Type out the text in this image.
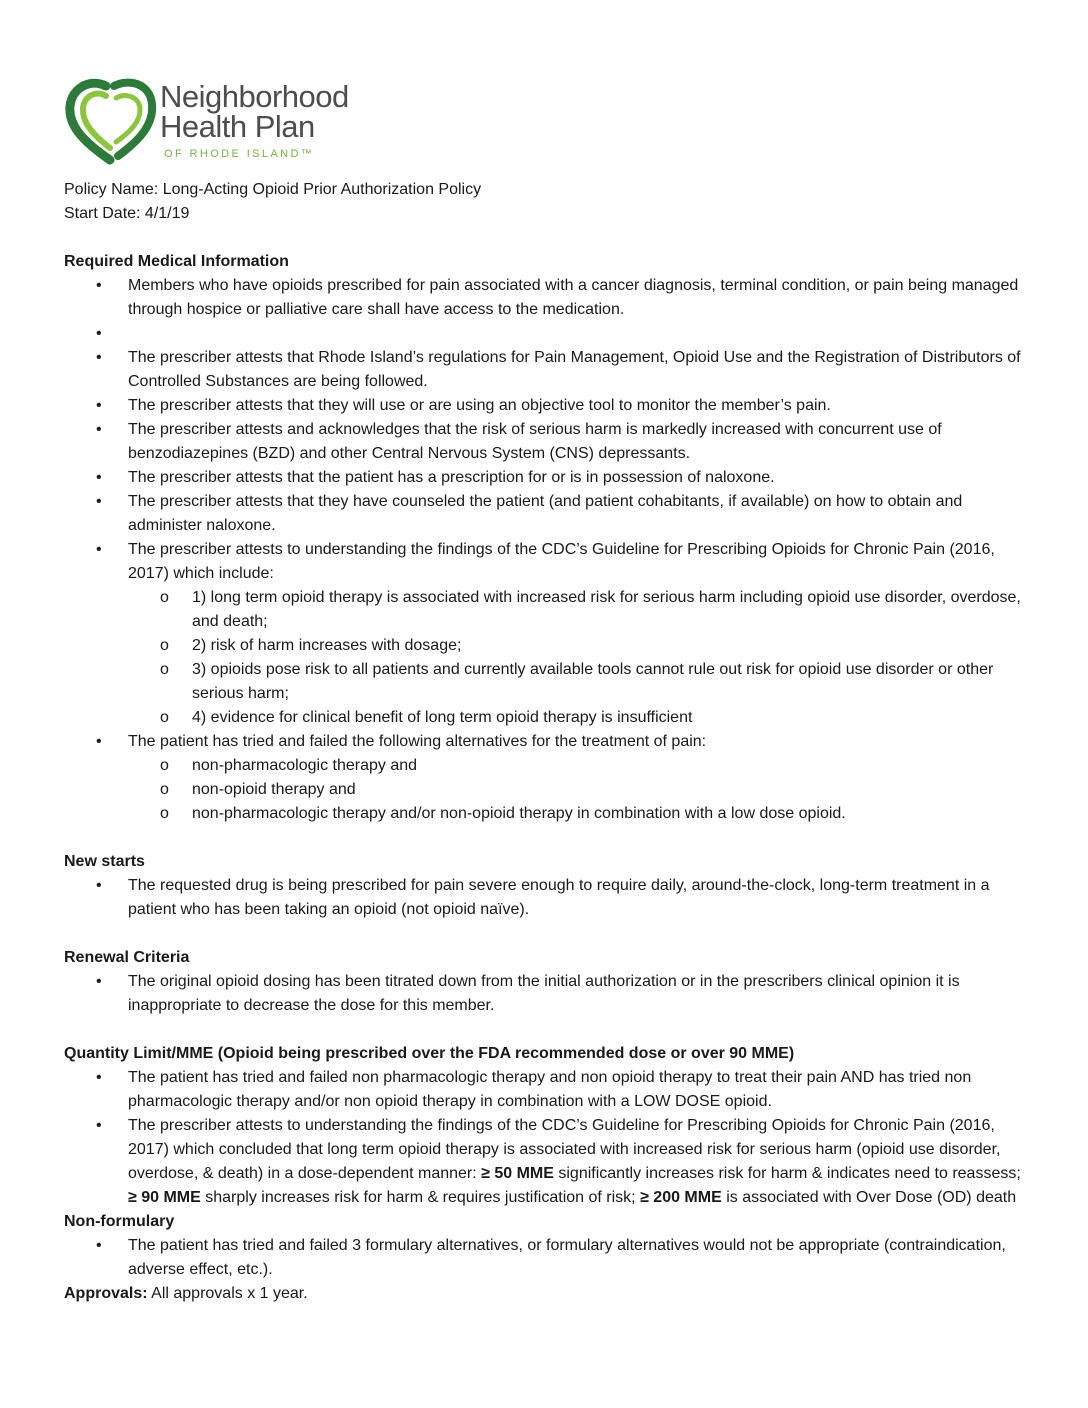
Neighborhood
Health Plan
OF RHODE ISLAND™

Policy Name: Long-Acting Opioid Prior Authorization Policy

Start Date: 4/1/19

Required Medical Information

• Members who have opioids prescribed for pain associated with a cancer diagnosis, terminal condition, or pain being managed through hospice or palliative care shall have access to the medication.
•
• The prescriber attests that Rhode Island’s regulations for Pain Management, Opioid Use and the Registration of Distributors of Controlled Substances are being followed.
• The prescriber attests that they will use or are using an objective tool to monitor the member’s pain.
• The prescriber attests and acknowledges that the risk of serious harm is markedly increased with concurrent use of benzodiazepines (BZD) and other Central Nervous System (CNS) depressants.
• The prescriber attests that the patient has a prescription for or is in possession of naloxone.
• The prescriber attests that they have counseled the patient (and patient cohabitants, if available) on how to obtain and administer naloxone.
• The prescriber attests to understanding the findings of the CDC’s Guideline for Prescribing Opioids for Chronic Pain (2016, 2017) which include:
o 1) long term opioid therapy is associated with increased risk for serious harm including opioid use disorder, overdose, and death;
o 2) risk of harm increases with dosage;
o 3) opioids pose risk to all patients and currently available tools cannot rule out risk for opioid use disorder or other serious harm;
o 4) evidence for clinical benefit of long term opioid therapy is insufficient
• The patient has tried and failed the following alternatives for the treatment of pain:
o non-pharmacologic therapy and
o non-opioid therapy and
o non-pharmacologic therapy and/or non-opioid therapy in combination with a low dose opioid.

New starts

• The requested drug is being prescribed for pain severe enough to require daily, around-the-clock, long-term treatment in a patient who has been taking an opioid (not opioid naïve).

Renewal Criteria

• The original opioid dosing has been titrated down from the initial authorization or in the prescribers clinical opinion it is inappropriate to decrease the dose for this member.

Quantity Limit/MME (Opioid being prescribed over the FDA recommended dose or over 90 MME)

• The patient has tried and failed non pharmacologic therapy and non opioid therapy to treat their pain AND has tried non pharmacologic therapy and/or non opioid therapy in combination with a LOW DOSE opioid.
• The prescriber attests to understanding the findings of the CDC’s Guideline for Prescribing Opioids for Chronic Pain (2016, 2017) which concluded that long term opioid therapy is associated with increased risk for serious harm (opioid use disorder, overdose, & death) in a dose-dependent manner: ≥ 50 MME significantly increases risk for harm & indicates need to reassess; ≥ 90 MME sharply increases risk for harm & requires justification of risk; ≥ 200 MME is associated with Over Dose (OD) death

Non-formulary

• The patient has tried and failed 3 formulary alternatives, or formulary alternatives would not be appropriate (contraindication, adverse effect, etc.).

Approvals: All approvals x 1 year.
